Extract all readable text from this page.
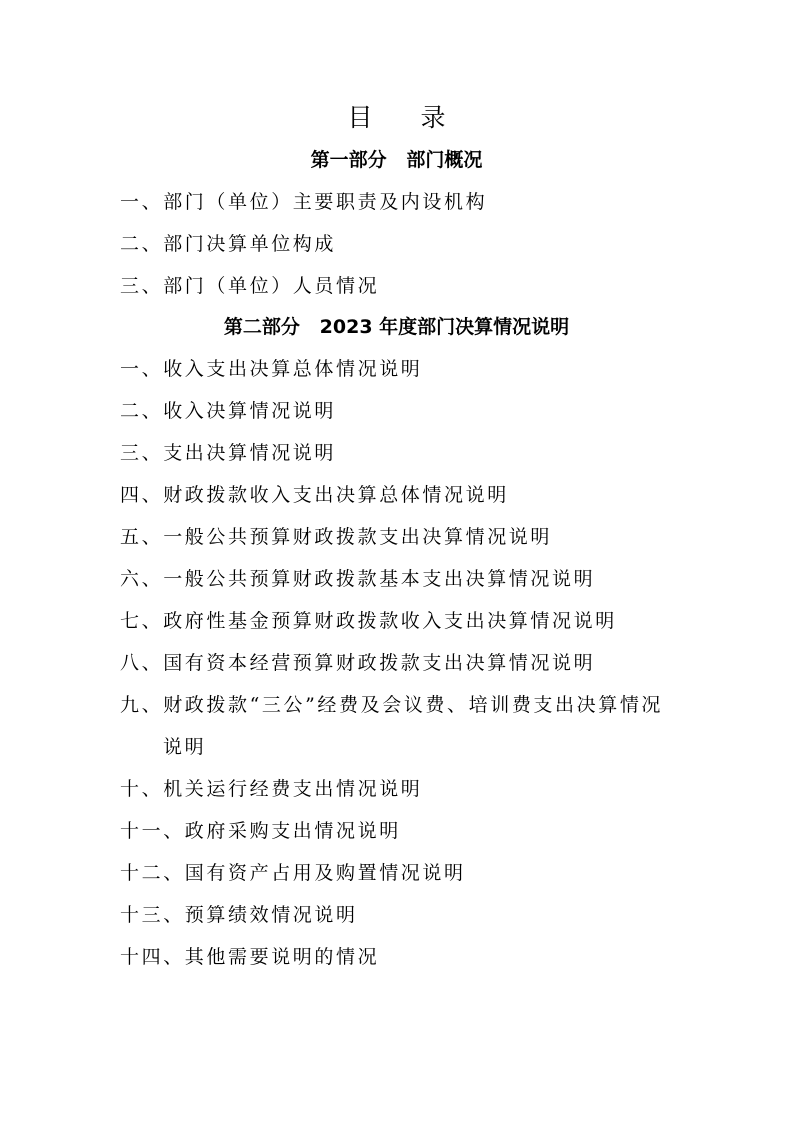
目 录
第一部分   部门概况
一、部门（单位）主要职责及内设机构
二、部门决算单位构成
三、部门（单位）人员情况
第二部分   2023 年度部门决算情况说明
一、收入支出决算总体情况说明
二、收入决算情况说明
三、支出决算情况说明
四、财政拨款收入支出决算总体情况说明
五、一般公共预算财政拨款支出决算情况说明
六、一般公共预算财政拨款基本支出决算情况说明
七、政府性基金预算财政拨款收入支出决算情况说明
八、国有资本经营预算财政拨款支出决算情况说明
九、财政拨款“三公”经费及会议费、培训费支出决算情况
说明
十、机关运行经费支出情况说明
十一、政府采购支出情况说明
十二、国有资产占用及购置情况说明
十三、预算绩效情况说明
十四、其他需要说明的情况
